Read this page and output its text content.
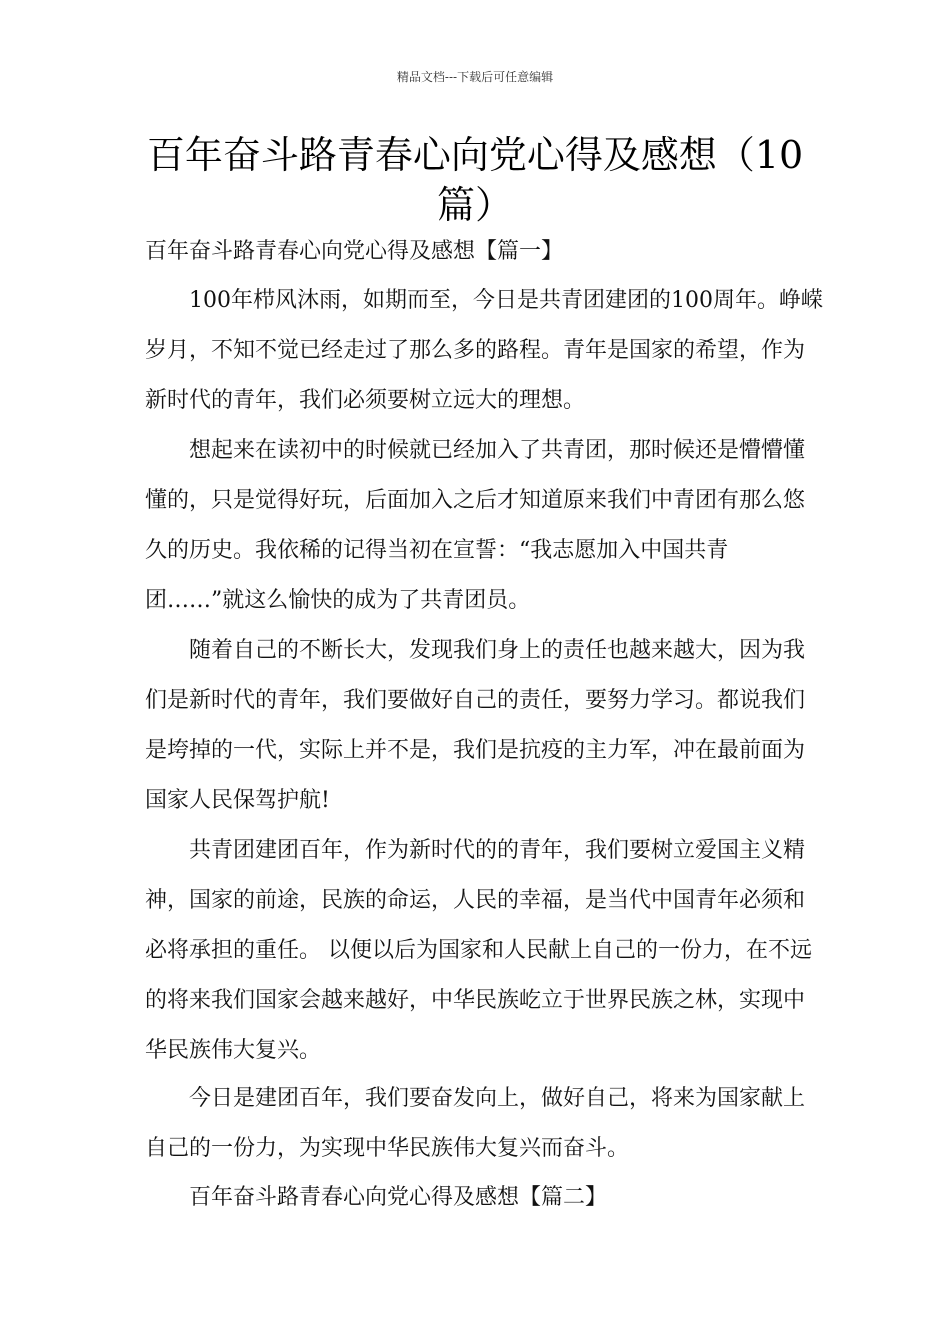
精品文档---下载后可任意编辑
百年奋斗路青春心向党心得及感想（10篇）
百年奋斗路青春心向党心得及感想【篇一】
100年栉风沐雨，如期而至，今日是共青团建团的100周年。峥嵘岁月，不知不觉已经走过了那么多的路程。青年是国家的希望，作为新时代的青年，我们必须要树立远大的理想。
想起来在读初中的时候就已经加入了共青团，那时候还是懵懵懂懂的，只是觉得好玩，后面加入之后才知道原来我们中青团有那么悠久的历史。我依稀的记得当初在宣誓：“我志愿加入中国共青团……”就这么愉快的成为了共青团员。
随着自己的不断长大，发现我们身上的责任也越来越大，因为我们是新时代的青年，我们要做好自己的责任，要努力学习。都说我们是垮掉的一代，实际上并不是，我们是抗疫的主力军，冲在最前面为国家人民保驾护航!
共青团建团百年，作为新时代的的青年，我们要树立爱国主义精神，国家的前途，民族的命运，人民的幸福，是当代中国青年必须和必将承担的重任。 以便以后为国家和人民献上自己的一份力，在不远的将来我们国家会越来越好，中华民族屹立于世界民族之林，实现中华民族伟大复兴。
今日是建团百年，我们要奋发向上，做好自己，将来为国家献上自己的一份力，为实现中华民族伟大复兴而奋斗。
百年奋斗路青春心向党心得及感想【篇二】
